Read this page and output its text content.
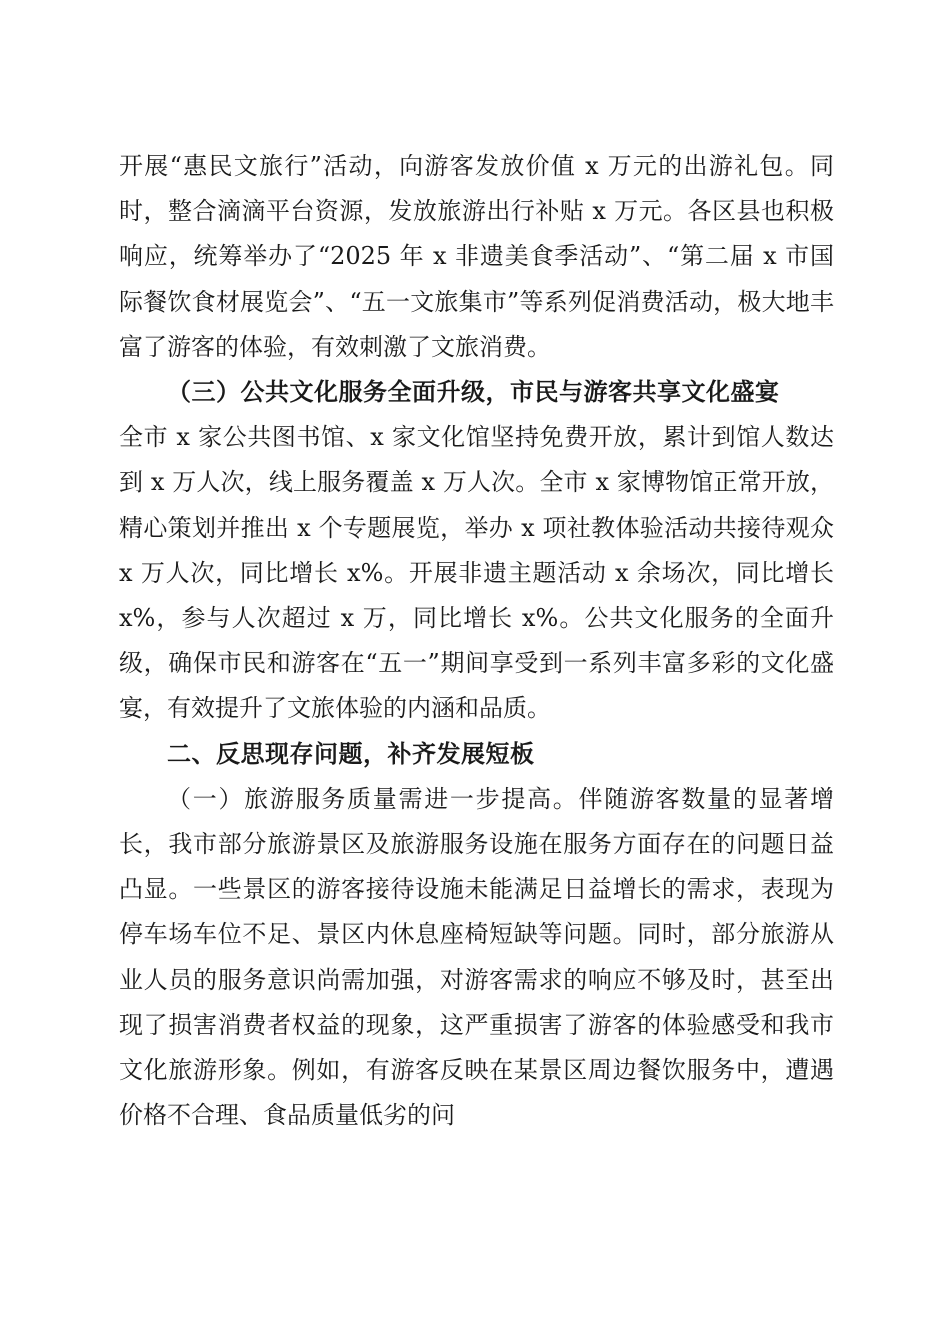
开展“惠民文旅行”活动，向游客发放价值 x 万元的出游礼包。同时，整合滴滴平台资源，发放旅游出行补贴 x 万元。各区县也积极响应，统筹举办了“2025 年 x 非遗美食季活动”、“第二届 x 市国际餐饮食材展览会”、“五一文旅集市”等系列促消费活动，极大地丰富了游客的体验，有效刺激了文旅消费。

（三）公共文化服务全面升级，市民与游客共享文化盛宴

全市 x 家公共图书馆、x 家文化馆坚持免费开放，累计到馆人数达到 x 万人次，线上服务覆盖 x 万人次。全市 x 家博物馆正常开放，精心策划并推出 x 个专题展览，举办 x 项社教体验活动共接待观众 x 万人次，同比增长 x%。开展非遗主题活动 x 余场次，同比增长 x%，参与人次超过 x 万，同比增长 x%。公共文化服务的全面升级，确保市民和游客在“五一”期间享受到一系列丰富多彩的文化盛宴，有效提升了文旅体验的内涵和品质。

二、反思现存问题，补齐发展短板

（一）旅游服务质量需进一步提高。伴随游客数量的显著增长，我市部分旅游景区及旅游服务设施在服务方面存在的问题日益凸显。一些景区的游客接待设施未能满足日益增长的需求，表现为停车场车位不足、景区内休息座椅短缺等问题。同时，部分旅游从业人员的服务意识尚需加强，对游客需求的响应不够及时，甚至出现了损害消费者权益的现象，这严重损害了游客的体验感受和我市文化旅游形象。例如，有游客反映在某景区周边餐饮服务中，遭遇价格不合理、食品质量低劣的问
